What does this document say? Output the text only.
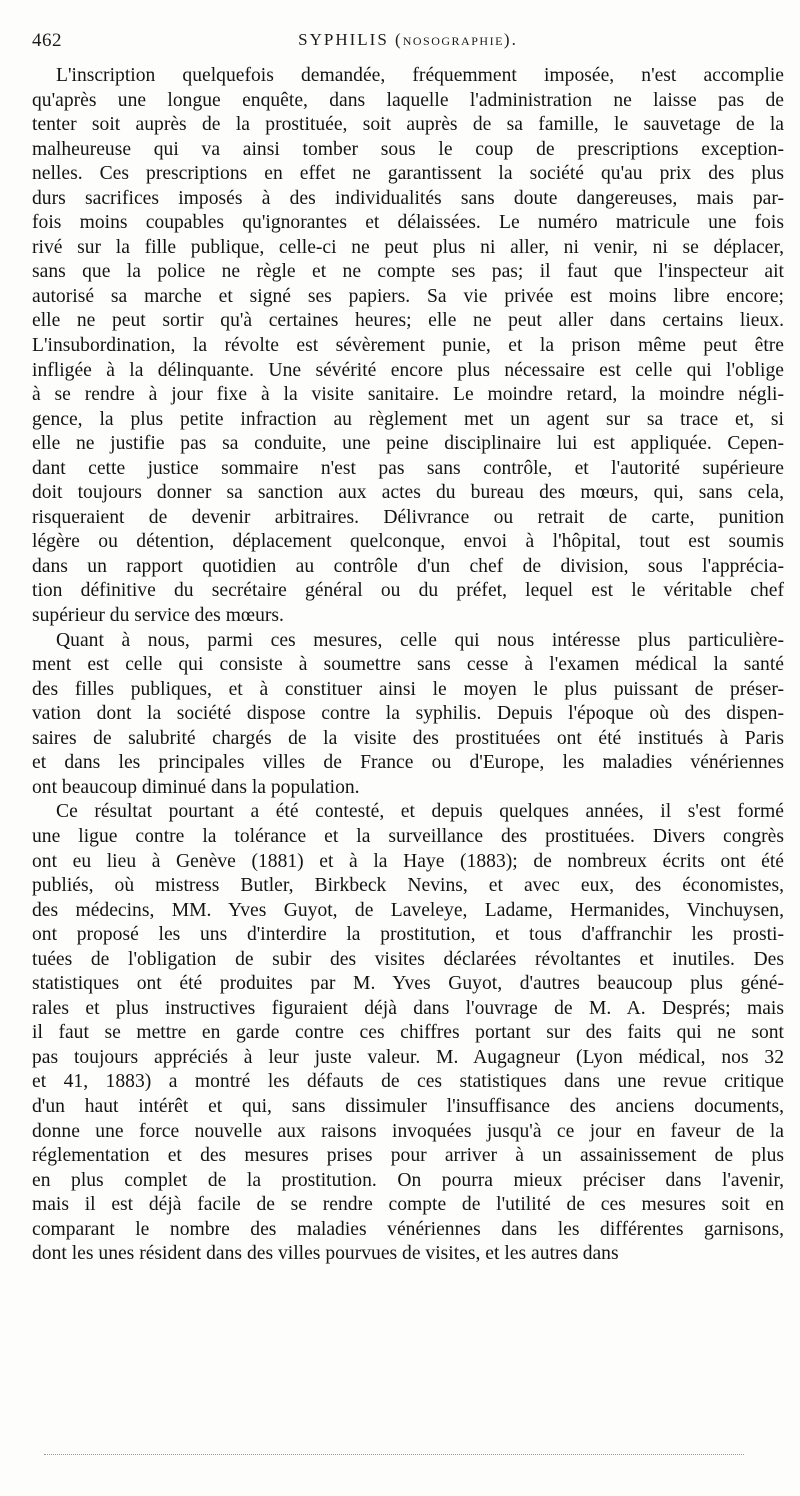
462	SYPHILIS (NOSOGRAPHIE).
L'inscription quelquefois demandée, fréquemment imposée, n'est accomplie
qu'après une longue enquête, dans laquelle l'administration ne laisse pas de
tenter soit auprès de la prostituée, soit auprès de sa famille, le sauvetage de la
malheureuse qui va ainsi tomber sous le coup de prescriptions exception-
nelles. Ces prescriptions en effet ne garantissent la société qu'au prix des plus
durs sacrifices imposés à des individualités sans doute dangereuses, mais par-
fois moins coupables qu'ignorantes et délaissées. Le numéro matricule une fois
rivé sur la fille publique, celle-ci ne peut plus ni aller, ni venir, ni se déplacer,
sans que la police ne règle et ne compte ses pas; il faut que l'inspecteur ait
autorisé sa marche et signé ses papiers. Sa vie privée est moins libre encore;
elle ne peut sortir qu'à certaines heures; elle ne peut aller dans certains lieux.
L'insubordination, la révolte est sévèrement punie, et la prison même peut être
infligée à la délinquante. Une sévérité encore plus nécessaire est celle qui l'oblige
à se rendre à jour fixe à la visite sanitaire. Le moindre retard, la moindre négli-
gence, la plus petite infraction au règlement met un agent sur sa trace et, si
elle ne justifie pas sa conduite, une peine disciplinaire lui est appliquée. Cepen-
dant cette justice sommaire n'est pas sans contrôle, et l'autorité supérieure
doit toujours donner sa sanction aux actes du bureau des mœurs, qui, sans cela,
risqueraient de devenir arbitraires. Délivrance ou retrait de carte, punition
légère ou détention, déplacement quelconque, envoi à l'hôpital, tout est soumis
dans un rapport quotidien au contrôle d'un chef de division, sous l'apprécia-
tion définitive du secrétaire général ou du préfet, lequel est le véritable chef
supérieur du service des mœurs.
Quant à nous, parmi ces mesures, celle qui nous intéresse plus particulière-
ment est celle qui consiste à soumettre sans cesse à l'examen médical la santé
des filles publiques, et à constituer ainsi le moyen le plus puissant de préser-
vation dont la société dispose contre la syphilis. Depuis l'époque où des dispen-
saires de salubrité chargés de la visite des prostituées ont été institués à Paris
et dans les principales villes de France ou d'Europe, les maladies vénériennes
ont beaucoup diminué dans la population.
Ce résultat pourtant a été contesté, et depuis quelques années, il s'est formé
une ligue contre la tolérance et la surveillance des prostituées. Divers congrès
ont eu lieu à Genève (1881) et à la Haye (1883); de nombreux écrits ont été
publiés, où mistress Butler, Birkbeck Nevins, et avec eux, des économistes,
des médecins, MM. Yves Guyot, de Laveleye, Ladame, Hermanides, Vinchuysen,
ont proposé les uns d'interdire la prostitution, et tous d'affranchir les prosti-
tuées de l'obligation de subir des visites déclarées révoltantes et inutiles. Des
statistiques ont été produites par M. Yves Guyot, d'autres beaucoup plus géné-
rales et plus instructives figuraient déjà dans l'ouvrage de M. A. Després; mais
il faut se mettre en garde contre ces chiffres portant sur des faits qui ne sont
pas toujours appréciés à leur juste valeur. M. Augagneur (Lyon médical, nos 32
et 41, 1883) a montré les défauts de ces statistiques dans une revue critique
d'un haut intérêt et qui, sans dissimuler l'insuffisance des anciens documents,
donne une force nouvelle aux raisons invoquées jusqu'à ce jour en faveur de la
réglementation et des mesures prises pour arriver à un assainissement de plus
en plus complet de la prostitution. On pourra mieux préciser dans l'avenir,
mais il est déjà facile de se rendre compte de l'utilité de ces mesures soit en
comparant le nombre des maladies vénériennes dans les différentes garnisons,
dont les unes résident dans des villes pourvues de visites, et les autres dans
